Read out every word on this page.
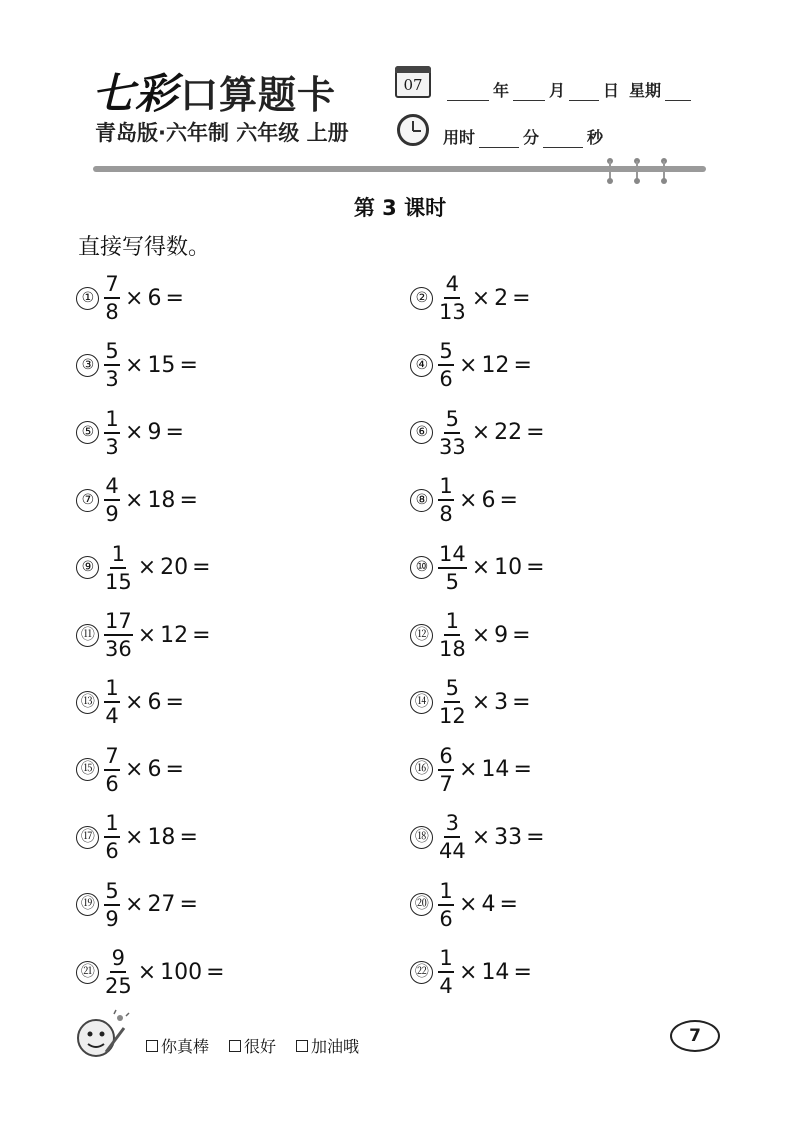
七彩 口算题卡
青岛版·六年制 六年级 上册
07	年	月 日 星期
用时	分	秒
第 3 课时
直接写得数。
① $\frac{7}{8} \times 6$ =	② $\frac{4}{13} \times 2$ =
③ $\frac{5}{3} \times 15$ =	④ $\frac{5}{6} \times 12$ =
⑤ $\frac{1}{3} \times 9$ =	⑥ $\frac{5}{33} \times 22$ =
⑦ $\frac{4}{9} \times 18$ =	⑧ $\frac{1}{8} \times 6$ =
⑨ $\frac{1}{15} \times 20$ =	⑩ $\frac{14}{5} \times 10$ =
⑪ $\frac{17}{36} \times 12$ =	⑫ $\frac{1}{18} \times 9$ =
⑬ $\frac{1}{4} \times 6$ =	⑭ $\frac{5}{12} \times 3$ =
⑮ $\frac{7}{6} \times 6$ =	⑯ $\frac{6}{7} \times 14$ =
⑰ $\frac{1}{6} \times 18$ =	⑱ $\frac{3}{44} \times 33$ =
⑲ $\frac{5}{9} \times 27$ =	⑳ $\frac{1}{6} \times 4$ =
㉑ $\frac{9}{25} \times 100$ =	㉒ $\frac{1}{4} \times 14$ =
你真棒 很好 加油哦
7
